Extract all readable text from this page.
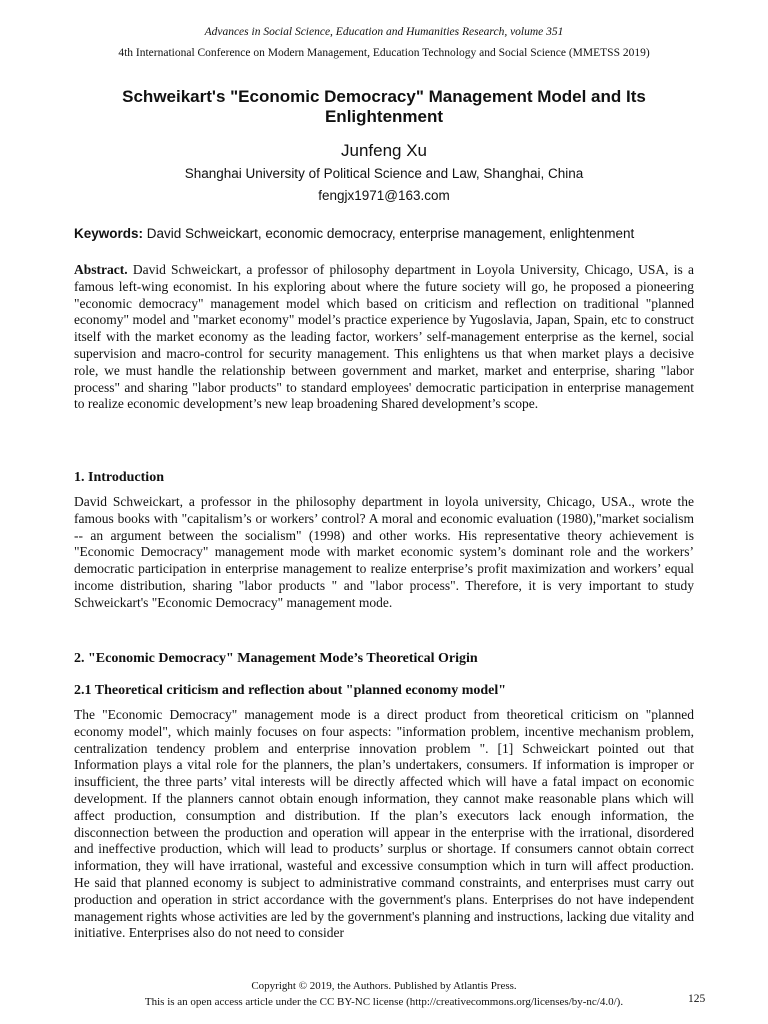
Advances in Social Science, Education and Humanities Research, volume 351
4th International Conference on Modern Management, Education Technology and Social Science (MMETSS 2019)
Schweikart's "Economic Democracy" Management Model and Its Enlightenment
Junfeng Xu
Shanghai University of Political Science and Law, Shanghai, China
fengjx1971@163.com
Keywords: David Schweickart, economic democracy, enterprise management, enlightenment

Abstract. David Schweickart, a professor of philosophy department in Loyola University, Chicago, USA, is a famous left-wing economist. In his exploring about where the future society will go, he proposed a pioneering "economic democracy" management model which based on criticism and reflection on traditional "planned economy" model and "market economy" model’s practice experience by Yugoslavia, Japan, Spain, etc to construct itself with the market economy as the leading factor, workers’ self-management enterprise as the kernel, social supervision and macro-control for security management. This enlightens us that when market plays a decisive role, we must handle the relationship between government and market, market and enterprise, sharing "labor process" and sharing "labor products" to standard employees' democratic participation in enterprise management to realize economic development’s new leap broadening Shared development’s scope.

1. Introduction

David Schweickart, a professor in the philosophy department in loyola university, Chicago, USA., wrote the famous books with "capitalism’s or workers’ control? A moral and economic evaluation (1980),"market socialism -- an argument between the socialism" (1998) and other works. His representative theory achievement is "Economic Democracy" management mode with market economic system’s dominant role and the workers’ democratic participation in enterprise management to realize enterprise’s profit maximization and workers’ equal income distribution, sharing "labor products " and "labor process". Therefore, it is very important to study Schweickart's "Economic Democracy" management mode.

2. "Economic Democracy" Management Mode’s Theoretical Origin
2.1 Theoretical criticism and reflection about "planned economy model"

The "Economic Democracy" management mode is a direct product from theoretical criticism on "planned economy model", which mainly focuses on four aspects: "information problem, incentive mechanism problem, centralization tendency problem and enterprise innovation problem ". [1] Schweickart pointed out that Information plays a vital role for the planners, the plan’s undertakers, consumers. If information is improper or insufficient, the three parts’ vital interests will be directly affected which will have a fatal impact on economic development. If the planners cannot obtain enough information, they cannot make reasonable plans which will affect production, consumption and distribution. If the plan’s executors lack enough information, the disconnection between the production and operation will appear in the enterprise with the irrational, disordered and ineffective production, which will lead to products’ surplus or shortage. If consumers cannot obtain correct information, they will have irrational, wasteful and excessive consumption which in turn will affect production. He said that planned economy is subject to administrative command constraints, and enterprises must carry out production and operation in strict accordance with the government's plans. Enterprises do not have independent management rights whose activities are led by the government's planning and instructions, lacking due vitality and initiative. Enterprises also do not need to consider

Copyright © 2019, the Authors. Published by Atlantis Press.
This is an open access article under the CC BY-NC license (http://creativecommons.org/licenses/by-nc/4.0/).	125
